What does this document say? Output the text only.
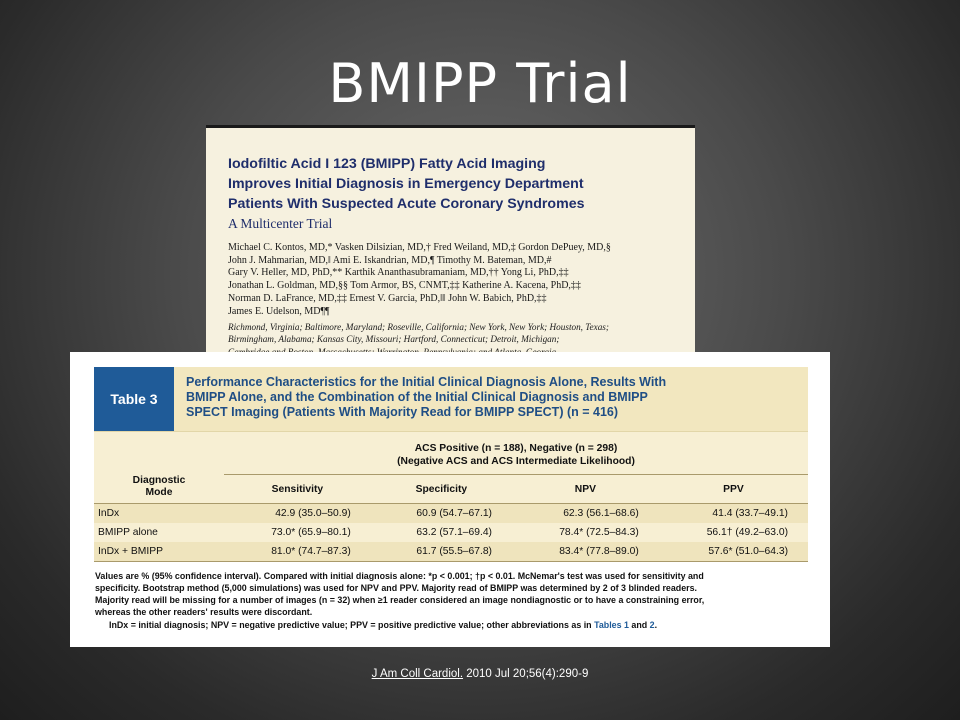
BMIPP Trial
Iodofiltic Acid I 123 (BMIPP) Fatty Acid Imaging
Improves Initial Diagnosis in Emergency Department
Patients With Suspected Acute Coronary Syndromes
A Multicenter Trial
Michael C. Kontos, MD,* Vasken Dilsizian, MD,† Fred Weiland, MD,‡ Gordon DePuey, MD,§
John J. Mahmarian, MD,‖ Ami E. Iskandrian, MD,¶ Timothy M. Bateman, MD,#
Gary V. Heller, MD, PhD,** Karthik Ananthasubramaniam, MD,†† Yong Li, PhD,‡‡
Jonathan L. Goldman, MD,§§ Tom Armor, BS, CNMT,‡‡ Katherine A. Kacena, PhD,‡‡
Norman D. LaFrance, MD,‡‡ Ernest V. Garcia, PhD,‖‖ John W. Babich, PhD,‡‡
James E. Udelson, MD¶¶
Richmond, Virginia; Baltimore, Maryland; Roseville, California; New York, New York; Houston, Texas;
Birmingham, Alabama; Kansas City, Missouri; Hartford, Connecticut; Detroit, Michigan;
Table 3
Performance Characteristics for the Initial Clinical Diagnosis Alone, Results With
BMIPP Alone, and the Combination of the Initial Clinical Diagnosis and BMIPP
SPECT Imaging (Patients With Majority Read for BMIPP SPECT) (n = 416)

	ACS Positive (n = 188), Negative (n = 298)
(Negative ACS and ACS Intermediate Likelihood)			

Diagnostic
Mode	Sensitivity	Specificity	NPV	PPV
InDx	42.9 (35.0–50.9)	60.9 (54.7–67.1)	62.3 (56.1–68.6)	41.4 (33.7–49.1)
BMIPP alone	73.0* (65.9–80.1)	63.2 (57.1–69.4)	78.4* (72.5–84.3)	56.1† (49.2–63.0)
InDx + BMIPP	81.0* (74.7–87.3)	61.7 (55.5–67.8)	83.4* (77.8–89.0)	57.6* (51.0–64.3)
Values are % (95% confidence interval). Compared with initial diagnosis alone: *p < 0.001; †p < 0.01. McNemar's test was used for sensitivity and
specificity. Bootstrap method (5,000 simulations) was used for NPV and PPV. Majority read of BMIPP was determined by 2 of 3 blinded readers.
Majority read will be missing for a number of images (n = 32) when ≥1 reader considered an image nondiagnostic or to have a constraining error,
whereas the other readers' results were discordant.
InDx = initial diagnosis; NPV = negative predictive value; PPV = positive predictive value; other abbreviations as in Tables 1 and 2.
J Am Coll Cardiol. 2010 Jul 20;56(4):290-9
